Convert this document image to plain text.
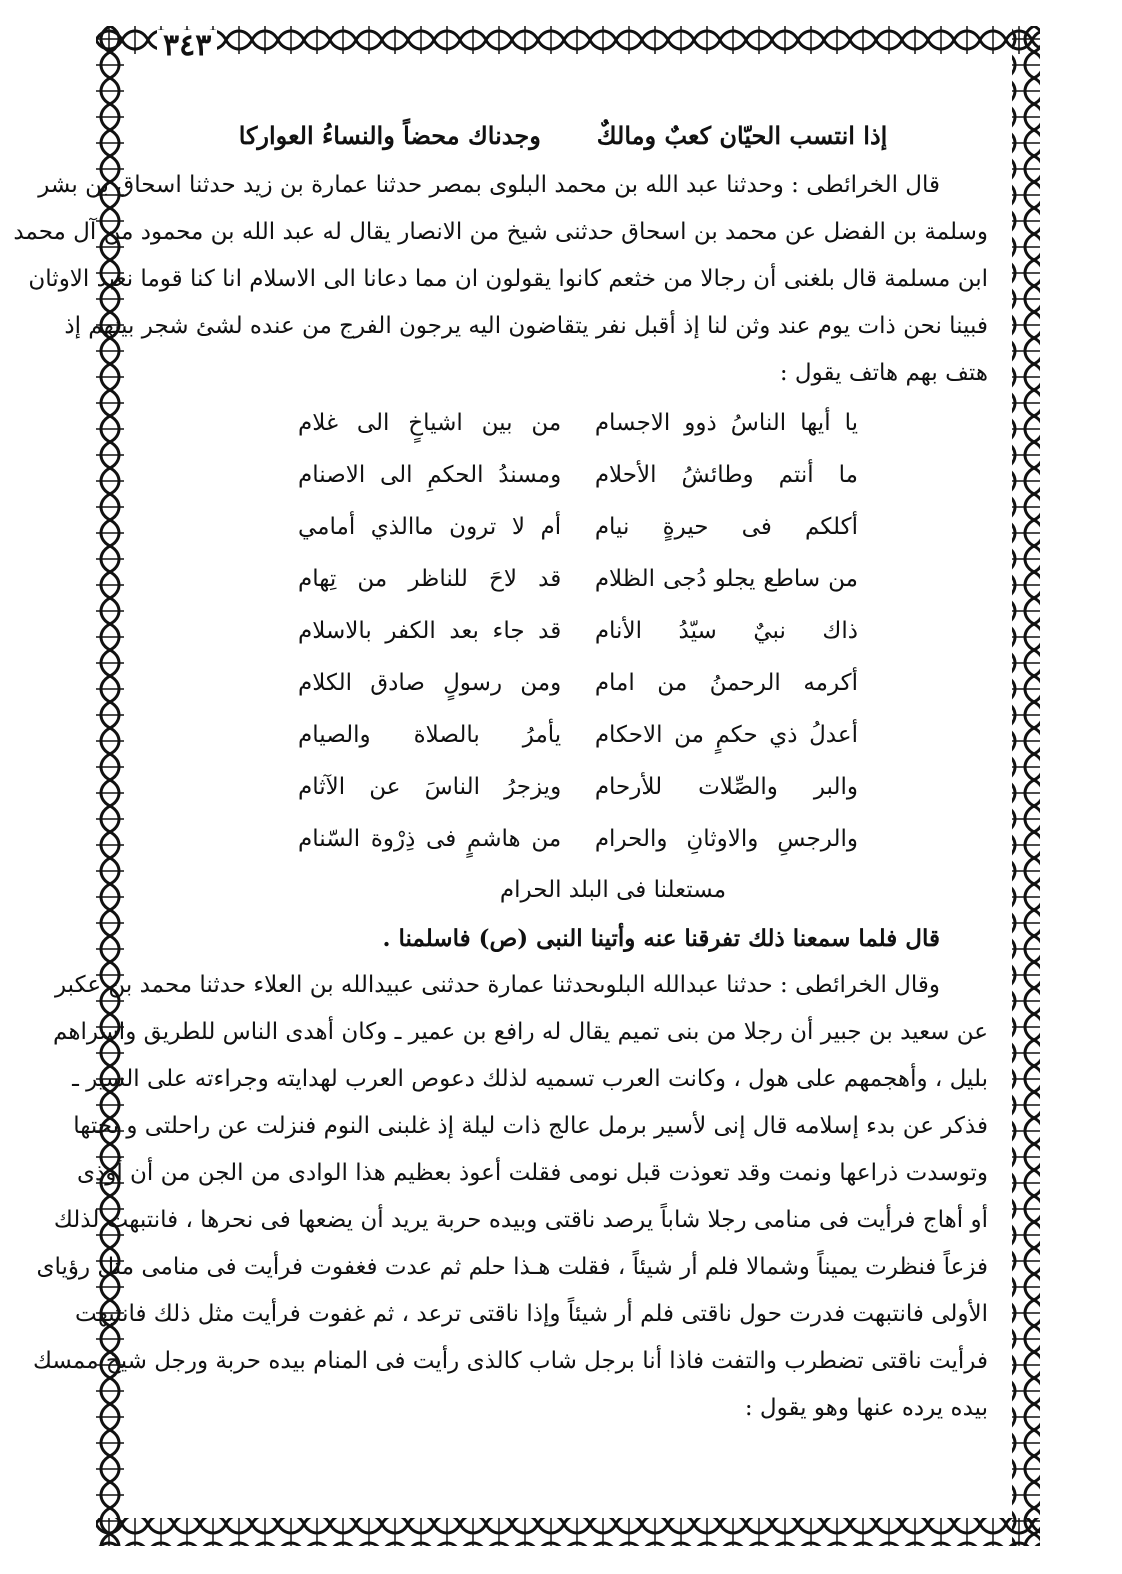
٣٤٣
إذا انتسب الحيّان كعبٌ ومالكٌ
وجدناك محضاً والنساءُ العواركا
قال الخرائطى : وحدثنا عبد الله بن محمد البلوى بمصر حدثنا عمارة بن زيد حدثنا اسحاق بن بشر
وسلمة بن الفضل عن محمد بن اسحاق حدثنى شيخ من الانصار يقال له عبد الله بن محمود من آل محمد
ابن مسلمة قال بلغنى أن رجالا من خثعم كانوا يقولون ان مما دعانا الى الاسلام انا كنا قوما نعبد الاوثان
فبينا نحن ذات يوم عند وثن لنا إذ أقبل نفر يتقاضون اليه يرجون الفرج من عنده لشئ شجر بينهم إذ
هتف بهم هاتف يقول :
يا أيها الناسُ ذوو الاجسام
من بين اشياخٍ الى غلام
ما أنتم وطائشُ الأحلام
ومسندُ الحكمِ الى الاصنام
أكلكم فى حيرةٍ نيام
أم لا ترون ماالذي أمامي
من ساطع يجلو دُجى الظلام
قد لاحَ للناظر من تِهام
ذاك نبيٌ سيّدُ الأنام
قد جاء بعد الكفر بالاسلام
أكرمه الرحمنُ من امام
ومن رسولٍ صادق الكلام
أعدلُ ذي حكمٍ من الاحكام
يأمرُ بالصلاة والصيام
والبر والصِّلات للأرحام
ويزجرُ الناسَ عن الآثام
والرجسِ والاوثانِ والحرام
من هاشمٍ فى ذِرْوة السّنام
مستعلنا فى البلد الحرام
قال فلما سمعنا ذلك تفرقنا عنه وأتينا النبى (ص) فاسلمنا .
وقال الخرائطى : حدثنا عبدالله البلوىحدثنا عمارة حدثنى عبيدالله بن العلاء حدثنا محمد بن عكبر
عن سعيد بن جبير أن رجلا من بنى تميم يقال له رافع بن عمير ـ وكان أهدى الناس للطريق واسراهم
بليل ، وأهجمهم على هول ، وكانت العرب تسميه لذلك دعوص العرب لهدايته وجراءته على السير ـ
فذكر عن بدء إسلامه قال إنى لأسير برمل عالج ذات ليلة إذ غلبنى النوم فنزلت عن راحلتى و نختها
وتوسدت ذراعها ونمت وقد تعوذت قبل نومى فقلت أعوذ بعظيم هذا الوادى من الجن من أن أوذى
أو أهاج فرأيت فى منامى رجلا شاباً يرصد ناقتى وبيده حربة يريد أن يضعها فى نحرها ، فانتبهت لذلك
فزعاً فنظرت يميناً وشمالا فلم أر شيئاً ، فقلت هـذا حلم ثم عدت فغفوت فرأيت فى منامى مثل رؤياى
الأولى فانتبهت فدرت حول ناقتى فلم أر شيئاً وإذا ناقتى ترعد ، ثم غفوت فرأيت مثل ذلك فانتبهت
فرأيت ناقتى تضطرب والتفت فاذا أنا برجل شاب كالذى رأيت فى المنام بيده حربة ورجل شيخ ممسك
بيده يرده عنها وهو يقول :
